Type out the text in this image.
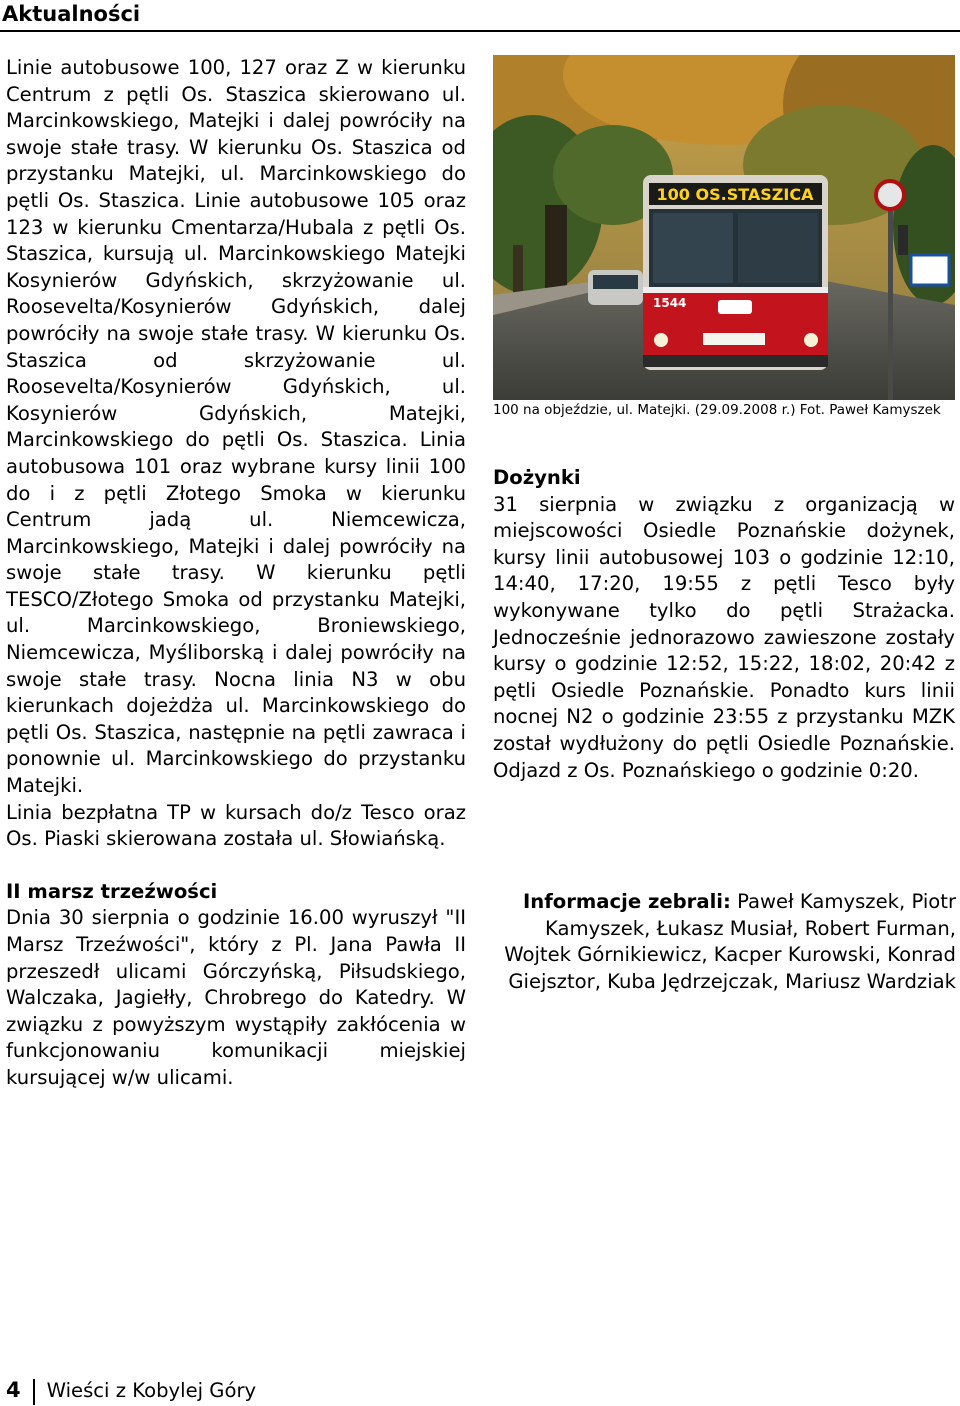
Aktualności

Linie autobusowe 100, 127 oraz Z w kierunku Centrum z pętli Os. Staszica skierowano ul. Marcinkowskiego, Matejki i dalej powróciły na swoje stałe trasy. W kierunku Os. Staszica od przystanku Matejki, ul. Marcinkowskiego do pętli Os. Staszica. Linie autobusowe 105 oraz 123 w kierunku Cmentarza/Hubala z pętli Os. Staszica, kursują ul. Marcinkowskiego Matejki Kosynierów Gdyńskich, skrzyżowanie ul. Roosevelta/Kosynierów Gdyńskich, dalej powróciły na swoje stałe trasy. W kierunku Os. Staszica od skrzyżowanie ul. Roosevelta/Kosynierów Gdyńskich, ul. Kosynierów Gdyńskich, Matejki, Marcinkowskiego do pętli Os. Staszica. Linia autobusowa 101 oraz wybrane kursy linii 100 do i z pętli Złotego Smoka w kierunku Centrum jadą ul. Niemcewicza, Marcinkowskiego, Matejki i dalej powróciły na swoje stałe trasy. W kierunku pętli TESCO/Złotego Smoka od przystanku Matejki, ul. Marcinkowskiego, Broniewskiego, Niemcewicza, Myśliborską i dalej powróciły na swoje stałe trasy. Nocna linia N3 w obu kierunkach dojeżdża ul. Marcinkowskiego do pętli Os. Staszica, następnie na pętli zawraca i ponownie ul. Marcinkowskiego do przystanku Matejki.

Linia bezpłatna TP w kursach do/z Tesco oraz Os. Piaski skierowana została ul. Słowiańską.

II marsz trzeźwości

Dnia 30 sierpnia o godzinie 16.00 wyruszył "II Marsz Trzeźwości", który z Pl. Jana Pawła II przeszedł ulicami Górczyńską, Piłsudskiego, Walczaka, Jagiełły, Chrobrego do Katedry. W związku z powyższym wystąpiły zakłócenia w funkcjonowaniu komunikacji miejskiej kursującej w/w ulicami.

100 OS.STASZICA
1544
100 na objeździe, ul. Matejki. (29.09.2008 r.) Fot. Paweł Kamyszek
Dożynki

31 sierpnia w związku z organizacją w miejscowości Osiedle Poznańskie dożynek, kursy linii autobusowej 103 o godzinie 12:10, 14:40, 17:20, 19:55 z pętli Tesco były wykonywane tylko do pętli Strażacka. Jednocześnie jednorazowo zawieszone zostały kursy o godzinie 12:52, 15:22, 18:02, 20:42 z pętli Osiedle Poznańskie. Ponadto kurs linii nocnej N2 o godzinie 23:55 z przystanku MZK został wydłużony do pętli Osiedle Poznańskie. Odjazd z Os. Poznańskiego o godzinie 0:20.

Informacje zebrali: Paweł Kamyszek, Piotr Kamyszek, Łukasz Musiał, Robert Furman, Wojtek Górnikiewicz, Kacper Kurowski, Konrad Giejsztor, Kuba Jędrzejczak, Mariusz Wardziak
4 Wieści z Kobylej Góry
